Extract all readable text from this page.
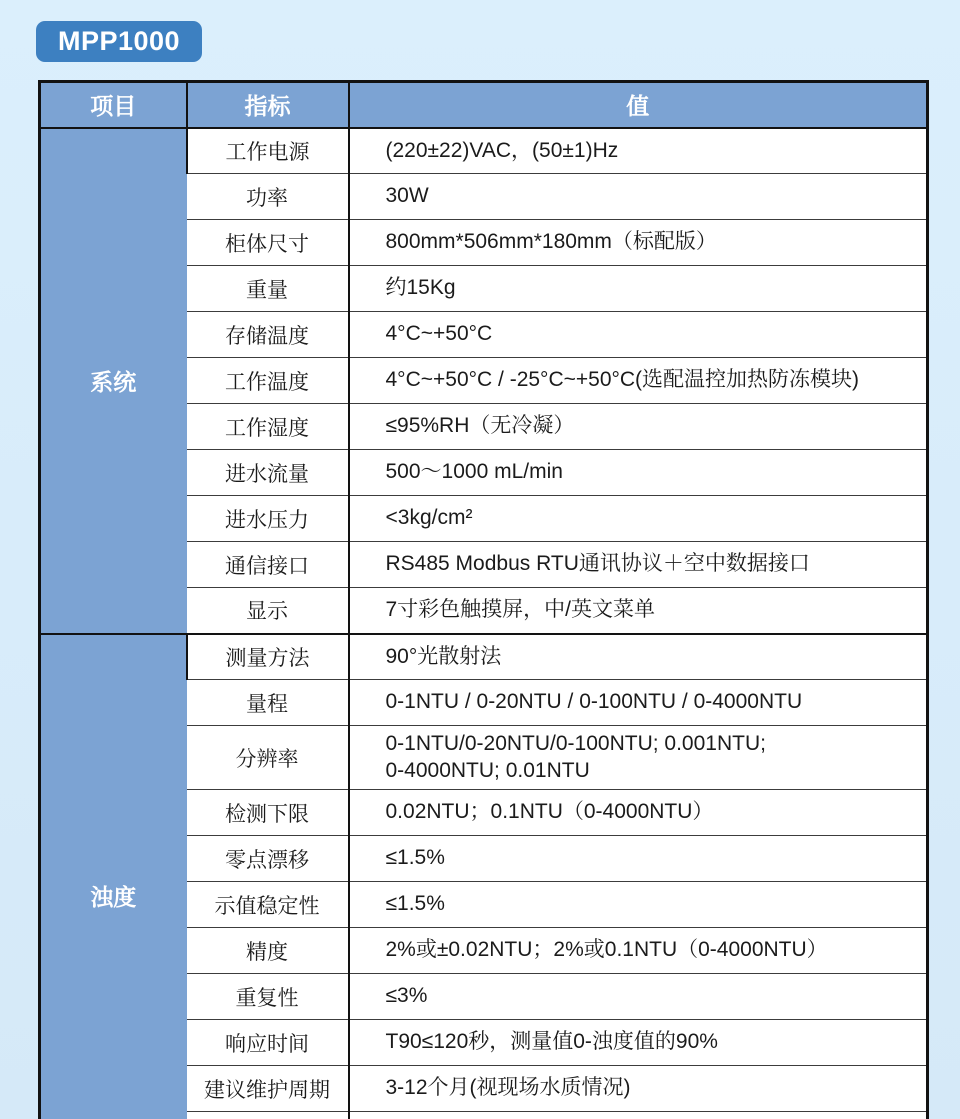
MPP1000
项目	指标	值
系统	工作电源	(220±22)VAC，(50±1)Hz
	功率	30W
	柜体尺寸	800mm*506mm*180mm（标配版）
	重量	约15Kg
	存储温度	4°C~+50°C
	工作温度	4°C~+50°C / -25°C~+50°C(选配温控加热防冻模块)
	工作湿度	≤95%RH（无冷凝）
	进水流量	500～1000 mL/min
	进水压力	<3kg/cm²
	通信接口	RS485 Modbus RTU通讯协议＋空中数据接口
	显示	7寸彩色触摸屏，中/英文菜单
浊度	测量方法	90°光散射法
	量程	0-1NTU / 0-20NTU / 0-100NTU / 0-4000NTU
	分辨率	0-1NTU/0-20NTU/0-100NTU; 0.001NTU;
0-4000NTU; 0.01NTU
	检测下限	0.02NTU；0.1NTU（0-4000NTU）
	零点漂移	≤1.5%
	示值稳定性	≤1.5%
	精度	2%或±0.02NTU；2%或0.1NTU（0-4000NTU）
	重复性	≤3%
	响应时间	T90≤120秒，测量值0-浊度值的90%
	建议维护周期	3-12个月(视现场水质情况)
